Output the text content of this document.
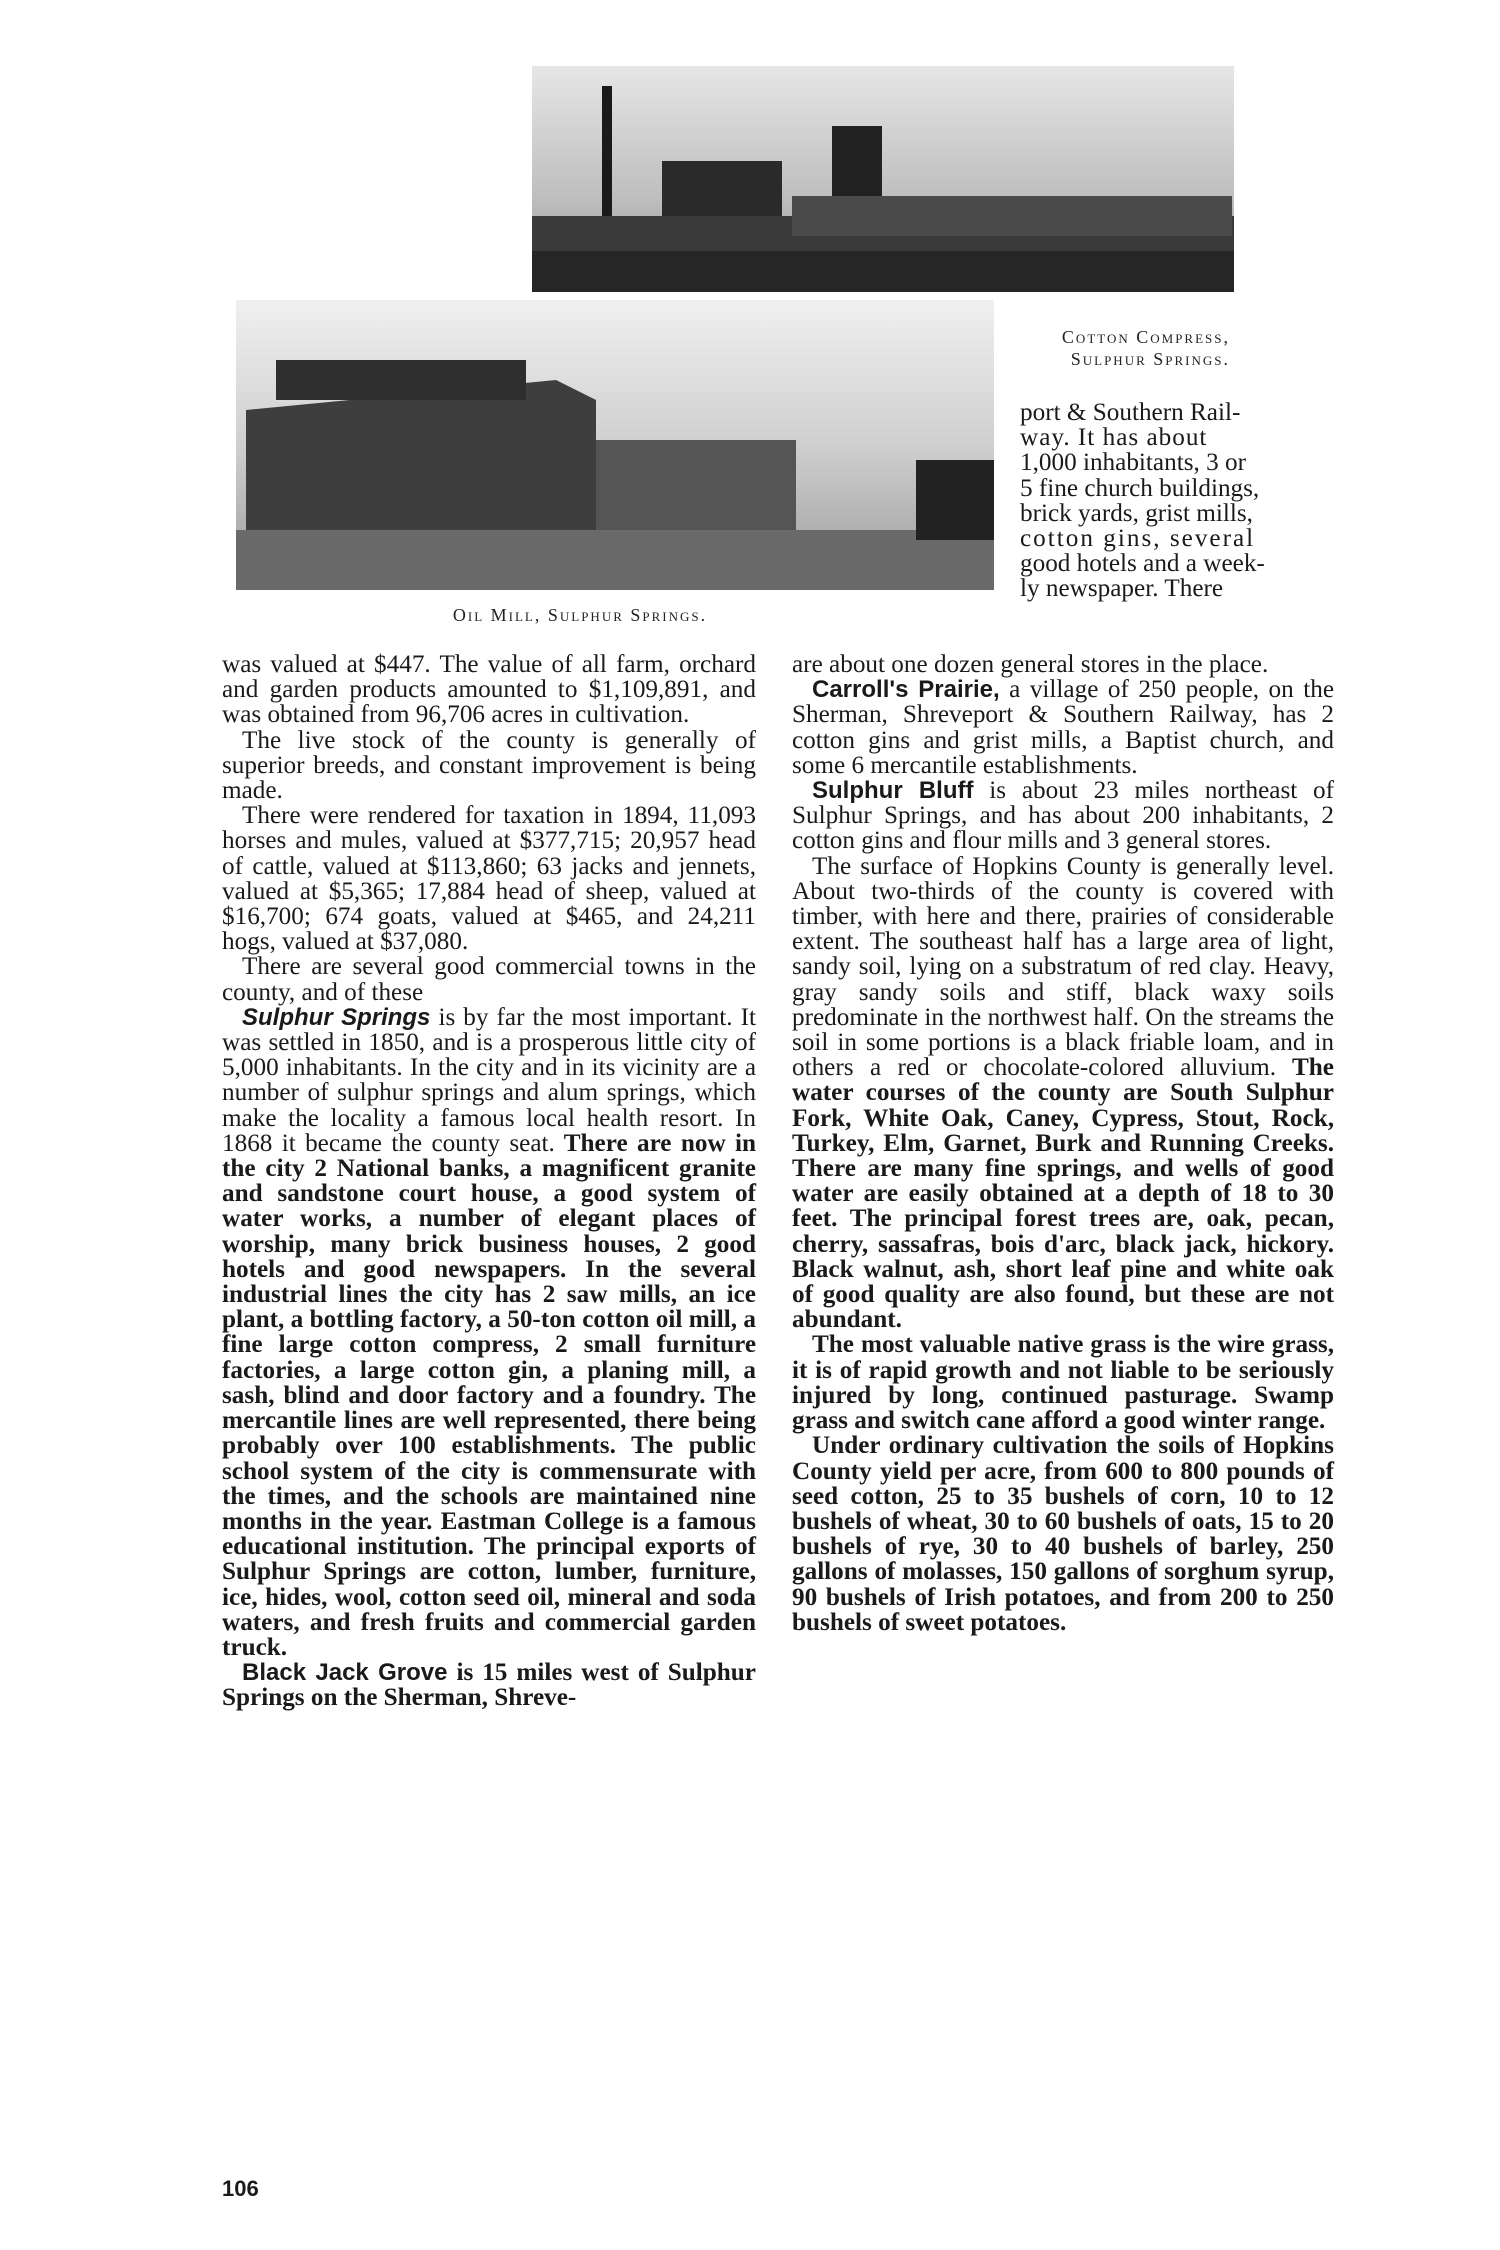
Cotton Compress,
Sulphur Springs.
Oil Mill, Sulphur Springs.
port & Southern Rail-
way. It has about
1,000 inhabitants, 3 or
5 fine church buildings,
brick yards, grist mills,
cotton gins, several
good hotels and a week-
ly newspaper. There

was valued at $447. The value of all farm, orchard and garden products amounted to $1,109,891, and was obtained from 96,706 acres in cultivation.

The live stock of the county is generally of superior breeds, and constant improvement is being made.

There were rendered for taxation in 1894, 11,093 horses and mules, valued at $377,715; 20,957 head of cattle, valued at $113,860; 63 jacks and jennets, valued at $5,365; 17,884 head of sheep, valued at $16,700; 674 goats, valued at $465, and 24,211 hogs, valued at $37,080.

There are several good commercial towns in the county, and of these

Sulphur Springs is by far the most important. It was settled in 1850, and is a prosperous little city of 5,000 inhabitants. In the city and in its vicinity are a number of sulphur springs and alum springs, which make the locality a famous local health resort. In 1868 it became the county seat. There are now in the city 2 National banks, a magnificent granite and sandstone court house, a good system of water works, a number of elegant places of worship, many brick business houses, 2 good hotels and good newspapers. In the several industrial lines the city has 2 saw mills, an ice plant, a bottling factory, a 50-ton cotton oil mill, a fine large cotton compress, 2 small furniture factories, a large cotton gin, a planing mill, a sash, blind and door factory and a foundry. The mercantile lines are well represented, there being probably over 100 establishments. The public school system of the city is commensurate with the times, and the schools are maintained nine months in the year. Eastman College is a famous educational institution. The principal exports of Sulphur Springs are cotton, lumber, furniture, ice, hides, wool, cotton seed oil, mineral and soda waters, and fresh fruits and commercial garden truck.

Black Jack Grove is 15 miles west of Sulphur Springs on the Sherman, Shreve-

are about one dozen general stores in the place.

Carroll's Prairie, a village of 250 people, on the Sherman, Shreveport & Southern Railway, has 2 cotton gins and grist mills, a Baptist church, and some 6 mercantile establishments.

Sulphur Bluff is about 23 miles northeast of Sulphur Springs, and has about 200 inhabitants, 2 cotton gins and flour mills and 3 general stores.

The surface of Hopkins County is generally level. About two-thirds of the county is covered with timber, with here and there, prairies of considerable extent. The southeast half has a large area of light, sandy soil, lying on a substratum of red clay. Heavy, gray sandy soils and stiff, black waxy soils predominate in the northwest half. On the streams the soil in some portions is a black friable loam, and in others a red or chocolate-colored alluvium. The water courses of the county are South Sulphur Fork, White Oak, Caney, Cypress, Stout, Rock, Turkey, Elm, Garnet, Burk and Running Creeks. There are many fine springs, and wells of good water are easily obtained at a depth of 18 to 30 feet. The principal forest trees are, oak, pecan, cherry, sassafras, bois d'arc, black jack, hickory. Black walnut, ash, short leaf pine and white oak of good quality are also found, but these are not abundant.

The most valuable native grass is the wire grass, it is of rapid growth and not liable to be seriously injured by long, continued pasturage. Swamp grass and switch cane afford a good winter range.

Under ordinary cultivation the soils of Hopkins County yield per acre, from 600 to 800 pounds of seed cotton, 25 to 35 bushels of corn, 10 to 12 bushels of wheat, 30 to 60 bushels of oats, 15 to 20 bushels of rye, 30 to 40 bushels of barley, 250 gallons of molasses, 150 gallons of sorghum syrup, 90 bushels of Irish potatoes, and from 200 to 250 bushels of sweet potatoes.

106
